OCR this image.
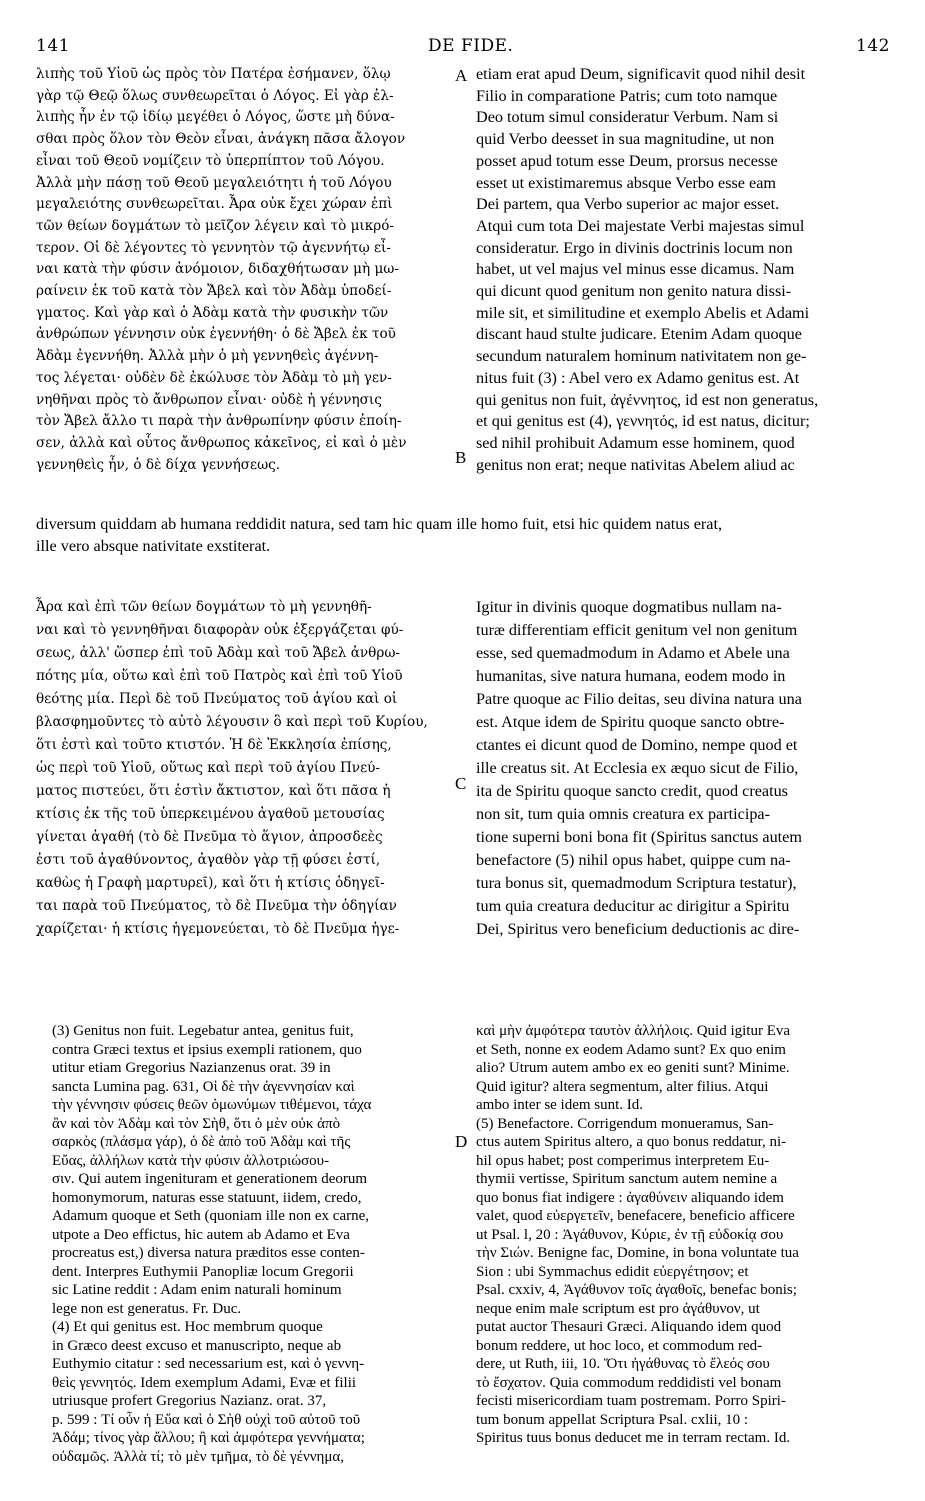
141	DE FIDE.	142
A
B
C
D
λιπὴς τοῦ Υἱοῦ ὡς πρὸς τὸν Πατέρα ἐσήμανεν, ὅλῳ
γὰρ τῷ Θεῷ ὅλως συνθεωρεῖται ὁ Λόγος. Εἰ γὰρ ἐλ-
λιπὴς ἦν ἐν τῷ ἰδίῳ μεγέθει ὁ Λόγος, ὥστε μὴ δύνα-
σθαι πρὸς ὅλον τὸν Θεὸν εἶναι, ἀνάγκη πᾶσα ἄλογον
εἶναι τοῦ Θεοῦ νομίζειν τὸ ὑπερπίπτον τοῦ Λόγου.
Ἀλλὰ μὴν πάσῃ τοῦ Θεοῦ μεγαλειότητι ἡ τοῦ Λόγου
μεγαλειότης συνθεωρεῖται. Ἆρα οὐκ ἔχει χώραν ἐπὶ
τῶν θείων δογμάτων τὸ μεῖζον λέγειν καὶ τὸ μικρό-
τερον. Οἱ δὲ λέγοντες τὸ γεννητὸν τῷ ἀγεννήτῳ εἶ-
ναι κατὰ τὴν φύσιν ἀνόμοιον, διδαχθήτωσαν μὴ μω-
ραίνειν ἐκ τοῦ κατὰ τὸν Ἄβελ καὶ τὸν Ἀδὰμ ὑποδεί-
γματος. Καὶ γὰρ καὶ ὁ Ἀδὰμ κατὰ τὴν φυσικὴν τῶν
ἀνθρώπων γέννησιν οὐκ ἐγεννήθη· ὁ δὲ Ἄβελ ἐκ τοῦ
Ἀδὰμ ἐγεννήθη. Ἀλλὰ μὴν ὁ μὴ γεννηθεὶς ἀγέννη-
τος λέγεται· οὐδὲν δὲ ἐκώλυσε τὸν Ἀδὰμ τὸ μὴ γεν-
νηθῆναι πρὸς τὸ ἄνθρωπον εἶναι· οὐδὲ ἡ γέννησις
τὸν Ἄβελ ἄλλο τι παρὰ τὴν ἀνθρωπίνην φύσιν ἐποίη-
σεν, ἀλλὰ καὶ οὗτος ἄνθρωπος κἀκεῖνος, εἰ καὶ ὁ μὲν
γεννηθεὶς ἦν, ὁ δὲ δίχα γεννήσεως.
etiam erat apud Deum, significavit quod nihil desit
Filio in comparatione Patris; cum toto namque
Deo totum simul consideratur Verbum. Nam si
quid Verbo deesset in sua magnitudine, ut non
posset apud totum esse Deum, prorsus necesse
esset ut existimaremus absque Verbo esse eam
Dei partem, qua Verbo superior ac major esset.
Atqui cum tota Dei majestate Verbi majestas simul
consideratur. Ergo in divinis doctrinis locum non
habet, ut vel majus vel minus esse dicamus. Nam
qui dicunt quod genitum non genito natura dissi-
mile sit, et similitudine et exemplo Abelis et Adami
discant haud stulte judicare. Etenim Adam quoque
secundum naturalem hominum nativitatem non ge-
nitus fuit (3) : Abel vero ex Adamo genitus est. At
qui genitus non fuit, ἀγέννητος, id est non generatus,
et qui genitus est (4), γεννητός, id est natus, dicitur;
sed nihil prohibuit Adamum esse hominem, quod
genitus non erat; neque nativitas Abelem aliud ac
diversum quiddam ab humana reddidit natura, sed tam hic quam ille homo fuit, etsi hic quidem natus erat,
ille vero absque nativitate exstiterat.
Ἆρα καὶ ἐπὶ τῶν θείων δογμάτων τὸ μὴ γεννηθῆ-
ναι καὶ τὸ γεννηθῆναι διαφορὰν οὐκ ἐξεργάζεται φύ-
σεως, ἀλλ' ὥσπερ ἐπὶ τοῦ Ἀδὰμ καὶ τοῦ Ἄβελ ἀνθρω-
πότης μία, οὕτω καὶ ἐπὶ τοῦ Πατρὸς καὶ ἐπὶ τοῦ Υἱοῦ
θεότης μία. Περὶ δὲ τοῦ Πνεύματος τοῦ ἁγίου καὶ οἱ
βλασφημοῦντες τὸ αὐτὸ λέγουσιν ὃ καὶ περὶ τοῦ Κυρίου,
ὅτι ἐστὶ καὶ τοῦτο κτιστόν. Ἡ δὲ Ἐκκλησία ἐπίσης,
ὡς περὶ τοῦ Υἱοῦ, οὕτως καὶ περὶ τοῦ ἁγίου Πνεύ-
ματος πιστεύει, ὅτι ἐστὶν ἄκτιστον, καὶ ὅτι πᾶσα ἡ
κτίσις ἐκ τῆς τοῦ ὑπερκειμένου ἀγαθοῦ μετουσίας
γίνεται ἀγαθή (τὸ δὲ Πνεῦμα τὸ ἅγιον, ἀπροσδεὲς
ἐστι τοῦ ἀγαθύνοντος, ἀγαθὸν γὰρ τῇ φύσει ἐστί,
καθὼς ἡ Γραφὴ μαρτυρεῖ), καὶ ὅτι ἡ κτίσις ὁδηγεῖ-
ται παρὰ τοῦ Πνεύματος, τὸ δὲ Πνεῦμα τὴν ὁδηγίαν
χαρίζεται· ἡ κτίσις ἡγεμονεύεται, τὸ δὲ Πνεῦμα ἡγε-
Igitur in divinis quoque dogmatibus nullam na-
turæ differentiam efficit genitum vel non genitum
esse, sed quemadmodum in Adamo et Abele una
humanitas, sive natura humana, eodem modo in
Patre quoque ac Filio deitas, seu divina natura una
est. Atque idem de Spiritu quoque sancto obtre-
ctantes ei dicunt quod de Domino, nempe quod et
ille creatus sit. At Ecclesia ex æquo sicut de Filio,
ita de Spiritu quoque sancto credit, quod creatus
non sit, tum quia omnis creatura ex participa-
tione superni boni bona fit (Spiritus sanctus autem
benefactore (5) nihil opus habet, quippe cum na-
tura bonus sit, quemadmodum Scriptura testatur),
tum quia creatura deducitur ac dirigitur a Spiritu
Dei, Spiritus vero beneficium deductionis ac dire-
(3) Genitus non fuit. Legebatur antea, genitus fuit,
contra Græci textus et ipsius exempli rationem, quo
utitur etiam Gregorius Nazianzenus orat. 39 in
sancta Lumina pag. 631, Οἱ δὲ τὴν ἀγεννησίαν καὶ
τὴν γέννησιν φύσεις θεῶν ὁμωνύμων τιθέμενοι, τάχα
ἂν καὶ τὸν Ἀδὰμ καὶ τὸν Σὴθ, ὅτι ὁ μὲν οὐκ ἀπὸ
σαρκὸς (πλάσμα γάρ), ὁ δὲ ἀπὸ τοῦ Ἀδὰμ καὶ τῆς
Εὔας, ἀλλήλων κατὰ τὴν φύσιν ἀλλοτριώσου-
σιν. Qui autem ingenituram et generationem deorum
homonymorum, naturas esse statuunt, iidem, credo,
Adamum quoque et Seth (quoniam ille non ex carne,
utpote a Deo effictus, hic autem ab Adamo et Eva
procreatus est,) diversa natura præditos esse conten-
dent. Interpres Euthymii Panopliæ locum Gregorii
sic Latine reddit : Adam enim naturali hominum
lege non est generatus. Fr. Duc.
(4) Et qui genitus est. Hoc membrum quoque
in Græco deest excuso et manuscripto, neque ab
Euthymio citatur : sed necessarium est, καὶ ὁ γεννη-
θεὶς γεννητός. Idem exemplum Adami, Evæ et filii
utriusque profert Gregorius Nazianz. orat. 37,
p. 599 : Τί οὖν ἡ Εὔα καὶ ὁ Σὴθ οὐχὶ τοῦ αὐτοῦ τοῦ
Ἀδάμ; τίνος γὰρ ἄλλου; ἢ καὶ ἀμφότερα γεννήματα;
οὐδαμῶς. Ἀλλὰ τί; τὸ μὲν τμῆμα, τὸ δὲ γέννημα,
καὶ μὴν ἀμφότερα ταυτὸν ἀλλήλοις. Quid igitur Eva
et Seth, nonne ex eodem Adamo sunt? Ex quo enim
alio? Utrum autem ambo ex eo geniti sunt? Minime.
Quid igitur? altera segmentum, alter filius. Atqui
ambo inter se idem sunt. Id.
(5) Benefactore. Corrigendum monueramus, San-
ctus autem Spiritus altero, a quo bonus reddatur, ni-
hil opus habet; post comperimus interpretem Eu-
thymii vertisse, Spiritum sanctum autem nemine a
quo bonus fiat indigere : ἀγαθύνειν aliquando idem
valet, quod εὐεργετεῖν, benefacere, beneficio afficere
ut Psal. l, 20 : Ἀγάθυνον, Κύριε, ἐν τῇ εὐδοκίᾳ σου
τὴν Σιών. Benigne fac, Domine, in bona voluntate tua
Sion : ubi Symmachus edidit εὐεργέτησον; et
Psal. cxxiv, 4, Ἀγάθυνον τοῖς ἀγαθοῖς, benefac bonis;
neque enim male scriptum est pro ἀγάθυνον, ut
putat auctor Thesauri Græci. Aliquando idem quod
bonum reddere, ut hoc loco, et commodum red-
dere, ut Ruth, iii, 10. Ὅτι ἠγάθυνας τὸ ἔλεός σου
τὸ ἔσχατον. Quia commodum reddidisti vel bonam
fecisti misericordiam tuam postremam. Porro Spiri-
tum bonum appellat Scriptura Psal. cxlii, 10 :
Spiritus tuus bonus deducet me in terram rectam. Id.
